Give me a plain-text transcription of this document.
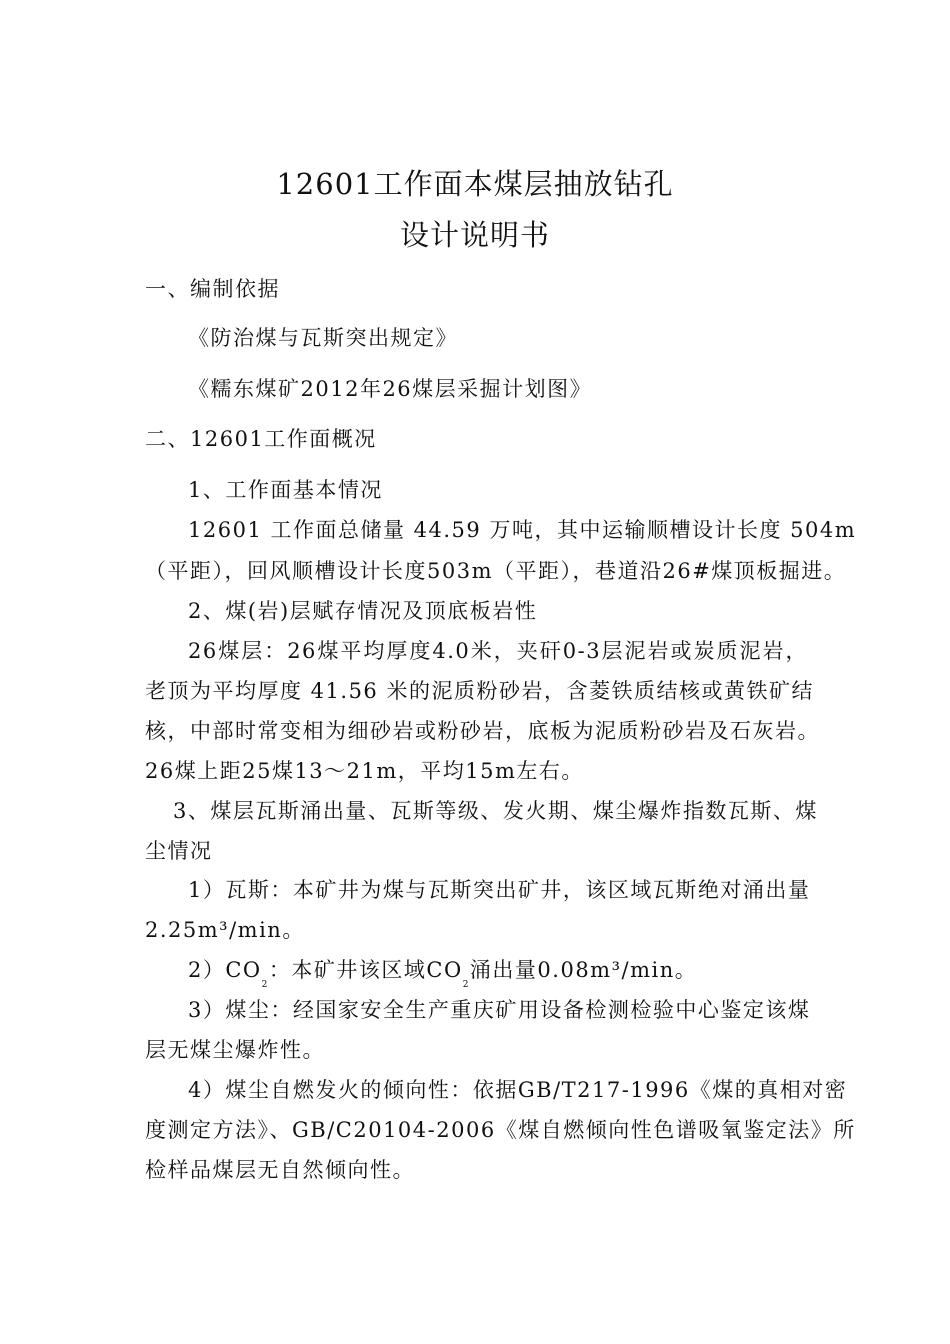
12601工作面本煤层抽放钻孔
设计说明书
一、编制依据
《防治煤与瓦斯突出规定》
《糯东煤矿2012年26煤层采掘计划图》
二、12601工作面概况
1、工作面基本情况
12601 工作面总储量 44.59 万吨，其中运输顺槽设计长度 504m
（平距），回风顺槽设计长度503m（平距），巷道沿26#煤顶板掘进。
2、煤(岩)层赋存情况及顶底板岩性
26煤层：26煤平均厚度4.0米，夹矸0-3层泥岩或炭质泥岩，
老顶为平均厚度 41.56 米的泥质粉砂岩，含菱铁质结核或黄铁矿结
核，中部时常变相为细砂岩或粉砂岩，底板为泥质粉砂岩及石灰岩。
26煤上距25煤13～21m，平均15m左右。
3、煤层瓦斯涌出量、瓦斯等级、发火期、煤尘爆炸指数瓦斯、煤
尘情况
1）瓦斯：本矿井为煤与瓦斯突出矿井，该区域瓦斯绝对涌出量
2.25m³/min。
$2)CO_2$：本矿井该区域$CO_2$涌出量0.08m³/min。
3）煤尘：经国家安全生产重庆矿用设备检测检验中心鉴定该煤
层无煤尘爆炸性。
4）煤尘自燃发火的倾向性：依据GB/T217-1996《煤的真相对密
度测定方法》、GB/C20104-2006《煤自燃倾向性色谱吸氧鉴定法》所
检样品煤层无自然倾向性。
